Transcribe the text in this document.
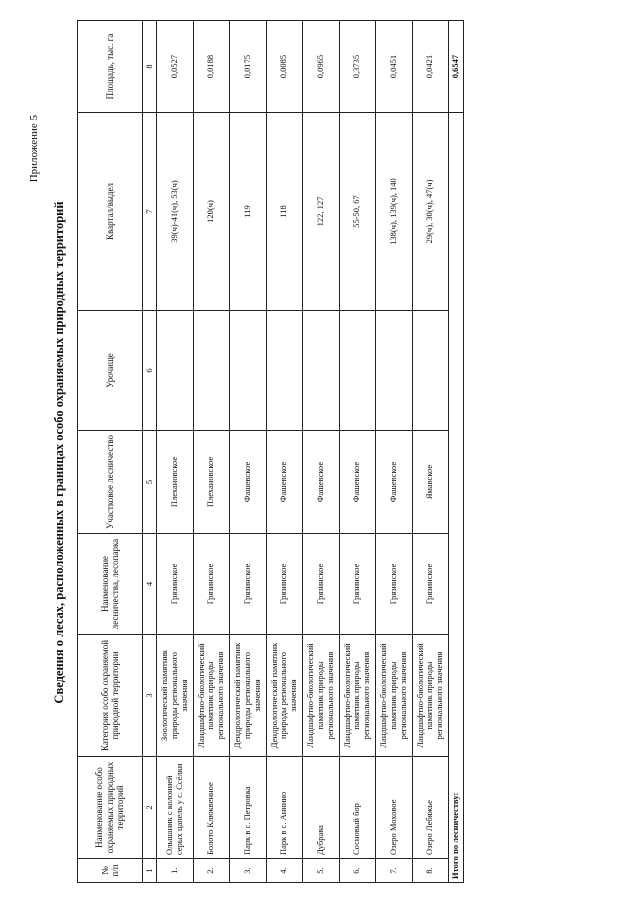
Приложение 5
Сведения о лесах, расположенных в границах особо охраняемых природных территорий
№ п/п	Наименование особо охраняемых природных территорий	Категория особо охраняемой природной территории	Наименование лесничества, лесопарка	Участковое лесничество	Урочище	Квартал/выдел	Площадь, тыс. га
1	2	3	4	5	6	7	8
1.	Ольшаник с колонией серых цапель у с. Ссёлки	Зоологический памятник природы регионального значения	Грязинское	Плехановское		39(ч)-41(ч), 53(ч)	0,0527
2.	Болото Клюквенное	Ландшафтно-биологический памятник природы регионального значения	Грязинское	Плехановское		120(ч)	0,0188
3.	Парк в с. Петровка	Дендрологический памятник природы регионального значения	Грязинское	Фашевское		119	0,0175
4.	Парк в с. Аннино	Дендрологический памятник природы регионального значения	Грязинское	Фашевское		118	0,0085
5.	Дубрава	Ландшафтно-биологический памятник природы регионального значения	Грязинское	Фашевское		122, 127	0,0965
6.	Сосновый бор	Ландшафтно-биологический памятник природы регионального значения	Грязинское	Фашевское		55-50, 67	0,3735
7.	Озеро Моховое	Ландшафтно-биологический памятник природы регионального значения	Грязинское	Фашевское		138(ч), 139(ч), 140	0,0451
8.	Озеро Лебяжье	Ландшафтно-биологический памятник природы регионального значения	Грязинское	Ямавское		29(ч), 30(ч), 47(ч)	0,0421
Итого по лесничеству:							0,6547
